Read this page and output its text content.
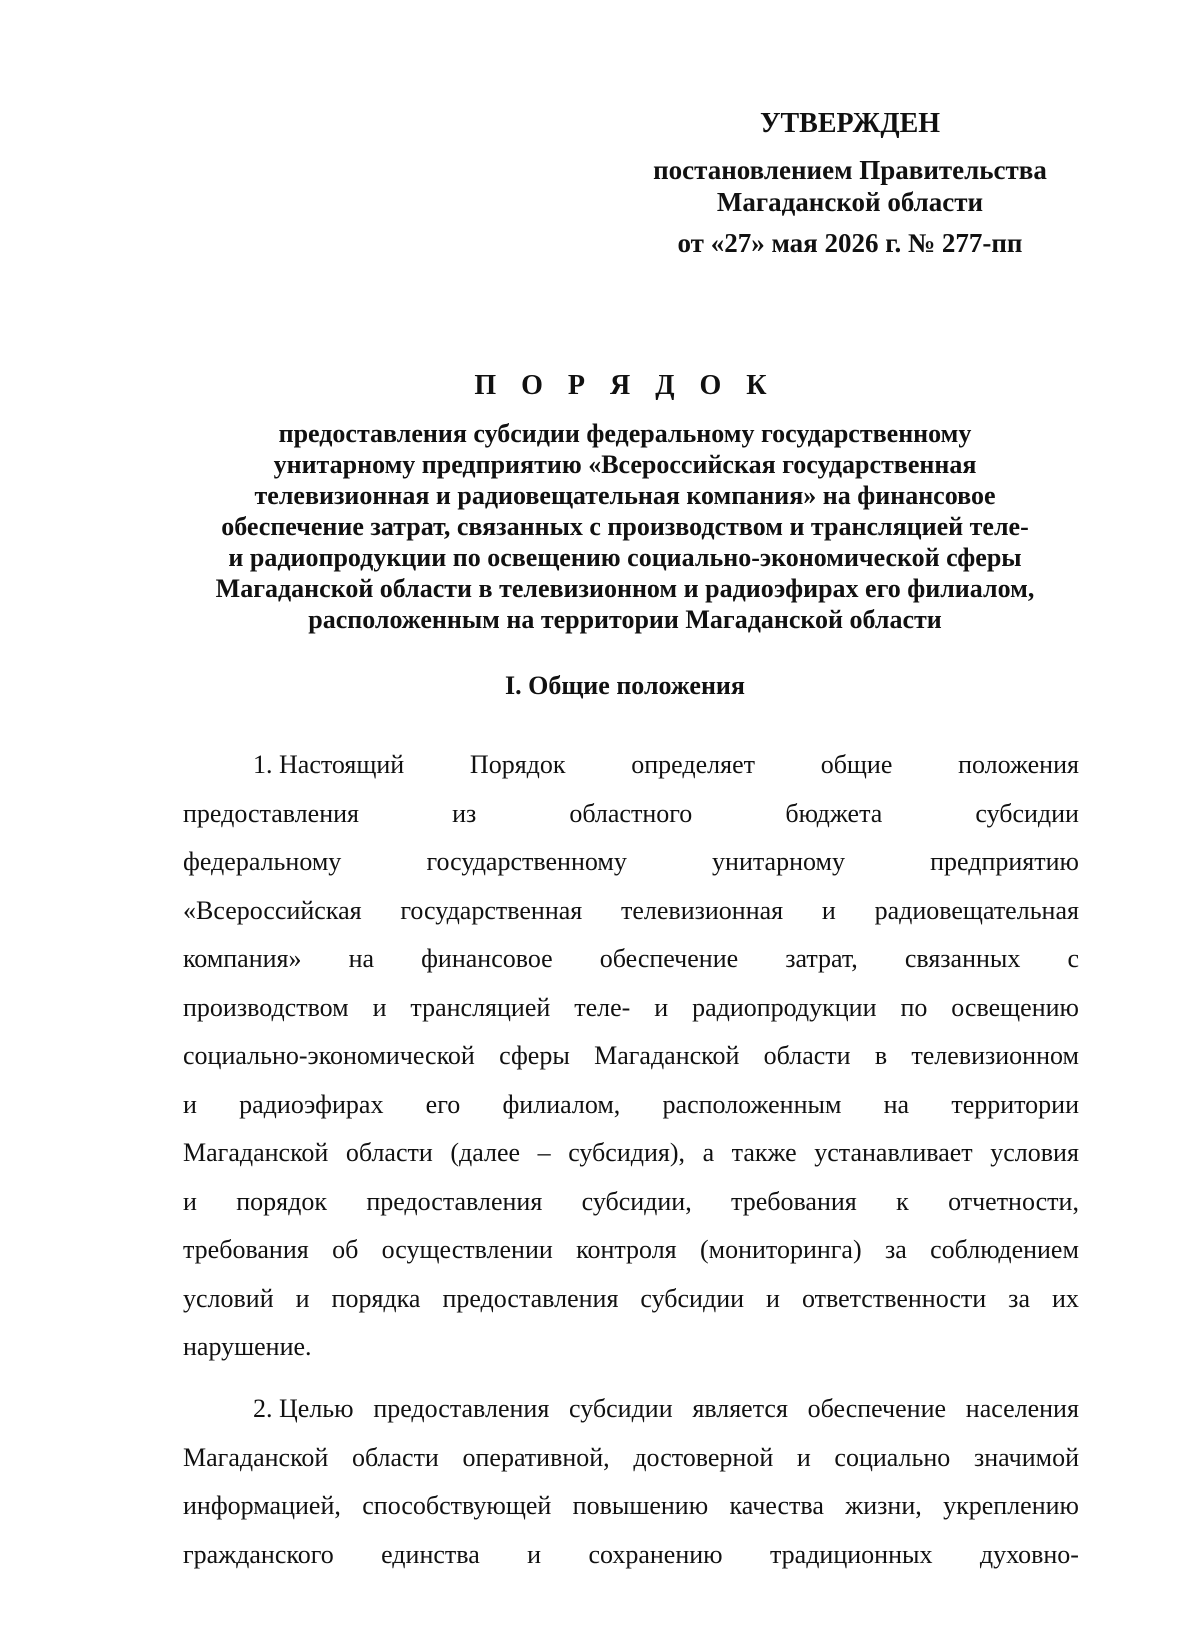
УТВЕРЖДЕН
постановлением Правительства
Магаданской области
от «27» мая 2026 г. № 277-пп
П О Р Я Д О К
предоставления субсидии федеральному государственному
унитарному предприятию «Всероссийская государственная
телевизионная и радиовещательная компания» на финансовое
обеспечение затрат, связанных с производством и трансляцией теле-
и радиопродукции по освещению социально-экономической сферы
Магаданской области в телевизионном и радиоэфирах его филиалом,
расположенным на территории Магаданской области
I. Общие положения
1. Настоящий	Порядок	определяет	общие	положения
предоставления	из	областного	бюджета	субсидии
федеральному	государственному	унитарному	предприятию
«Всероссийская государственная телевизионная и радиовещательная
компания» на финансовое обеспечение затрат, связанных с
производством и трансляцией теле- и радиопродукции по освещению
социально-экономической сферы Магаданской области в телевизионном
и радиоэфирах его филиалом, расположенным на территории
Магаданской области (далее – субсидия), а также устанавливает условия
и порядок предоставления субсидии, требования к отчетности,
требования об осуществлении контроля (мониторинга) за соблюдением
условий и порядка предоставления субсидии и ответственности за их
нарушение.
2. Целью предоставления субсидии является обеспечение населения
Магаданской области оперативной, достоверной и социально значимой
информацией, способствующей повышению качества жизни, укреплению
гражданского единства и сохранению традиционных духовно-
